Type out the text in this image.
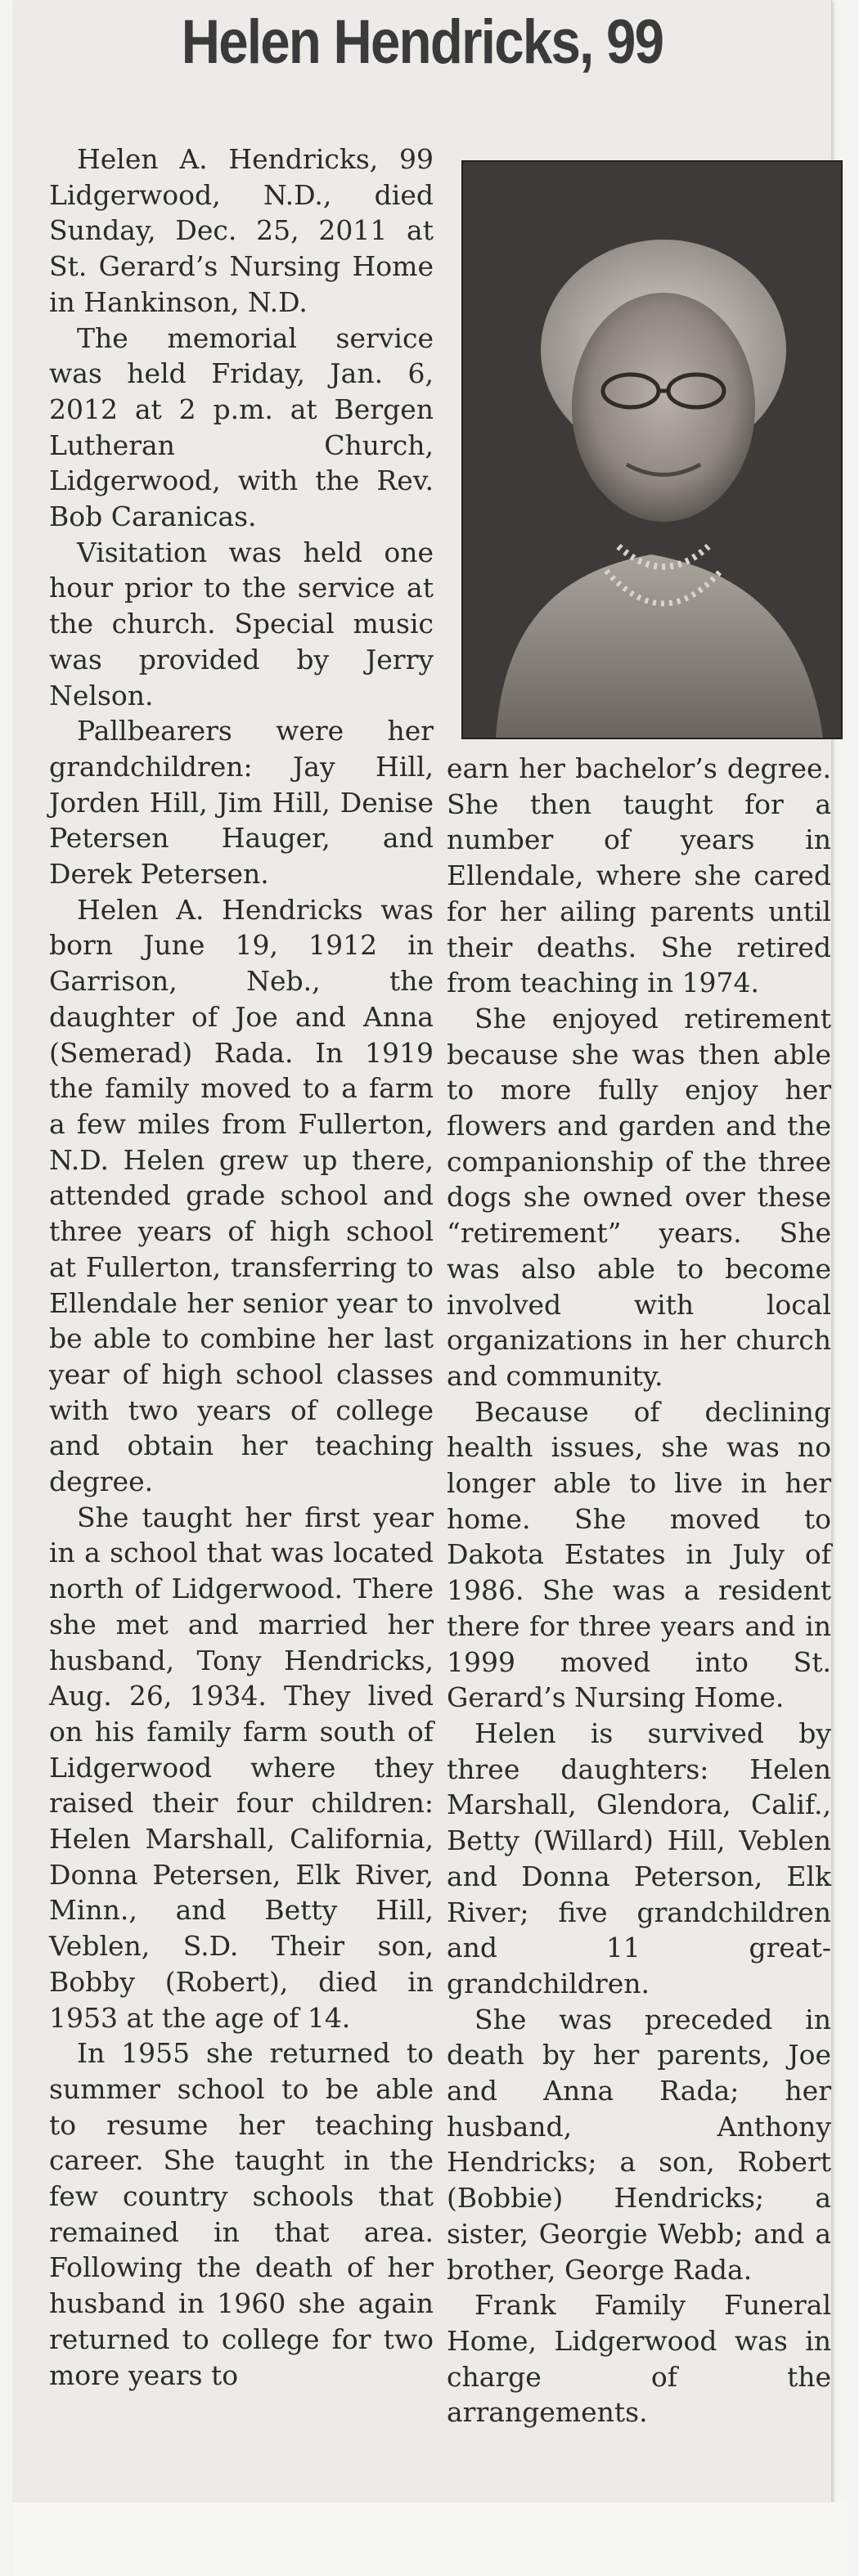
Helen Hendricks, 99

Helen A. Hendricks, 99 Lidgerwood, N.D., died Sunday, Dec. 25, 2011 at St. Gerard’s Nursing Home in Hankinson, N.D.

The memorial service was held Friday, Jan. 6, 2012 at 2 p.m. at Bergen Lutheran Church, Lidgerwood, with the Rev. Bob Caranicas.

Visitation was held one hour prior to the service at the church. Special music was provided by Jerry Nelson.

Pallbearers were her grandchildren: Jay Hill, Jorden Hill, Jim Hill, Denise Petersen Hauger, and Derek Petersen.

Helen A. Hendricks was born June 19, 1912 in Garrison, Neb., the daughter of Joe and Anna (Semerad) Rada. In 1919 the family moved to a farm a few miles from Fullerton, N.D. Helen grew up there, attended grade school and three years of high school at Fullerton, transferring to Ellendale her senior year to be able to combine her last year of high school classes with two years of college and obtain her teaching degree.

She taught her first year in a school that was located north of Lidgerwood. There she met and married her husband, Tony Hendricks, Aug. 26, 1934. They lived on his family farm south of Lidgerwood where they raised their four children: Helen Marshall, California, Donna Petersen, Elk River, Minn., and Betty Hill, Veblen, S.D. Their son, Bobby (Robert), died in 1953 at the age of 14.

In 1955 she returned to summer school to be able to resume her teaching career. She taught in the few country schools that remained in that area. Following the death of her husband in 1960 she again returned to college for two more years to

earn her bachelor’s degree. She then taught for a number of years in Ellendale, where she cared for her ailing parents until their deaths. She retired from teaching in 1974.

She enjoyed retirement because she was then able to more fully enjoy her flowers and garden and the companionship of the three dogs she owned over these “retirement” years. She was also able to become involved with local organizations in her church and community.

Because of declining health issues, she was no longer able to live in her home. She moved to Dakota Estates in July of 1986. She was a resident there for three years and in 1999 moved into St. Gerard’s Nursing Home.

Helen is survived by three daughters: Helen Marshall, Glendora, Calif., Betty (Willard) Hill, Veblen and Donna Peterson, Elk River; five grandchildren and 11 great-grandchildren.

She was preceded in death by her parents, Joe and Anna Rada; her husband, Anthony Hendricks; a son, Robert (Bobbie) Hendricks; a sister, Georgie Webb; and a brother, George Rada.

Frank Family Funeral Home, Lidgerwood was in charge of the arrangements.
